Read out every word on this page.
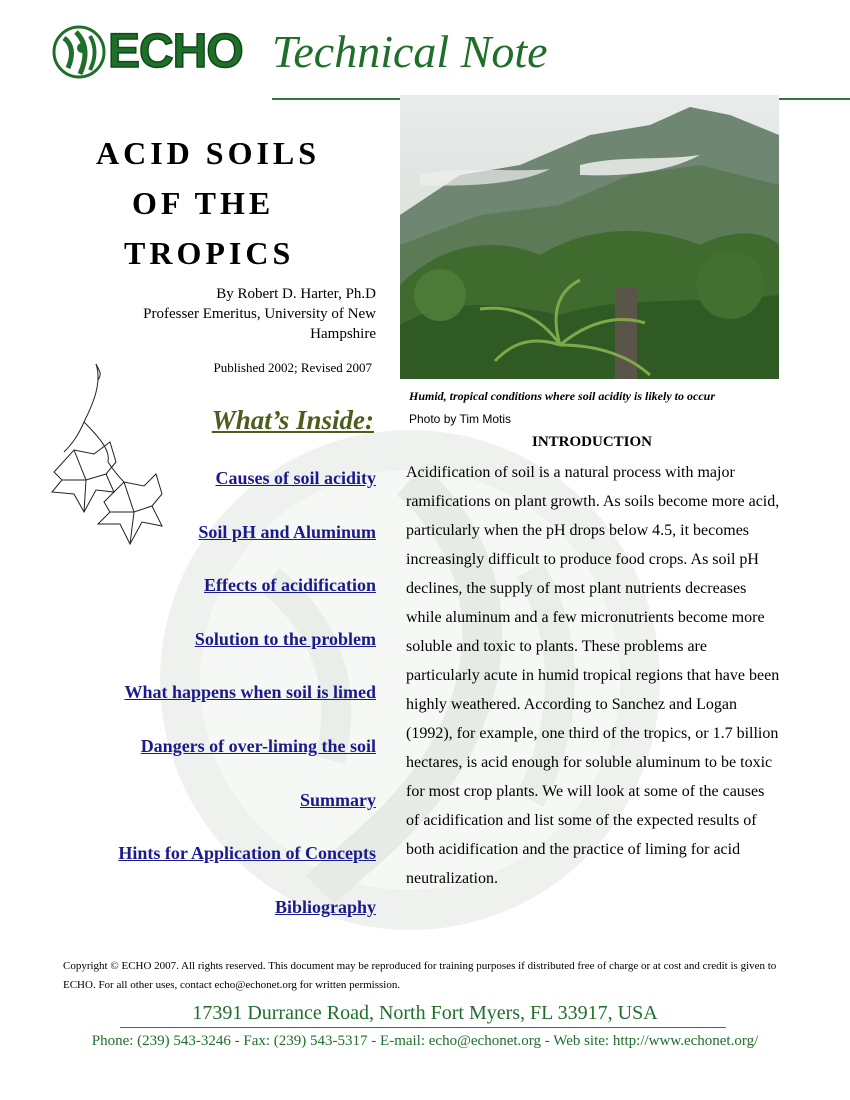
ECHO Technical Note
ACID SOILS
OF THE
TROPICS
By Robert D. Harter, Ph.D
Professer Emeritus, University of New Hampshire
Published 2002; Revised 2007
What’s Inside:
Causes of soil acidity
Soil pH and Aluminum
Effects of acidification
Solution to the problem
What happens when soil is limed
Dangers of over-liming the soil
Summary
Hints for Application of Concepts
Bibliography
Humid, tropical conditions where soil acidity is likely to occur
Photo by Tim Motis
INTRODUCTION

Acidification of soil is a natural process with major ramifications on plant growth. As soils become more acid, particularly when the pH drops below 4.5, it becomes increasingly difficult to produce food crops. As soil pH declines, the supply of most plant nutrients decreases while aluminum and a few micronutrients become more soluble and toxic to plants. These problems are particularly acute in humid tropical regions that have been highly weathered. According to Sanchez and Logan (1992), for example, one third of the tropics, or 1.7 billion hectares, is acid enough for soluble aluminum to be toxic for most crop plants. We will look at some of the causes of acidification and list some of the expected results of both acidification and the practice of liming for acid neutralization.

Copyright © ECHO 2007. All rights reserved. This document may be reproduced for training purposes if distributed free of charge or at cost and credit is given to ECHO. For all other uses, contact echo@echonet.org for written permission.
17391 Durrance Road, North Fort Myers, FL 33917, USA
Phone: (239) 543-3246 - Fax: (239) 543-5317 - E-mail: echo@echonet.org - Web site: http://www.echonet.org/
